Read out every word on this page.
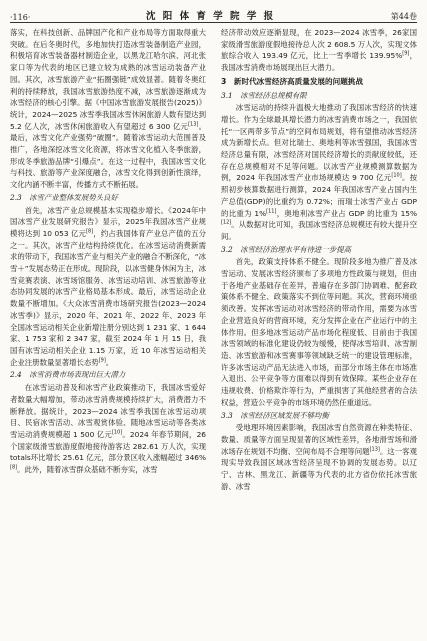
·116·	沈 阳 体 育 学 院 学 报	第44卷

落实，在科技创新、品牌国产化和产业布局等方面取得重大突破。在后冬奥时代，多地加快打造冰雪装备制造产业园，积极培育冰雪装备器材制造企业，以黑龙江哈尔滨、河北张家口等为代表的地区已建立较为成熟的冰雪运动装备产业园。其次，冰雪旅游产业“拓圈强链”成效显著。随着冬奥红利的持续释放，我国冰雪旅游热度不减，冰雪旅游逐渐成为冰雪经济的核心引擎。据《中国冰雪旅游发展报告(2025)》统计，2024—2025 冰雪季我国冰雪休闲旅游人数有望达到 5.2 亿人次，冰雪休闲旅游收入有望超过 6 300 亿元[13]。最后，冰雪文化产业强势“破圈”。随着冰雪运动大范围普及推广，各地深挖冰雪文化资源，将冰雪文化植入冬季旅游，形成冬季旅游品牌“引爆点”。在这一过程中，我国冰雪文化与科技、旅游等产业深度融合，冰雪文化得到创新性演绎，文化内涵不断丰富，传播方式不断拓展。

2.3　冰雪产业整体发展势头良好

首先，冰雪产业总规模基本实现稳步增长。《2024年中国冰雪产业发展研究报告》显示，2025年我国冰雪产业规模将达到 10 053 亿元[8]，约占我国体育产业总产值的五分之一。其次，冰雪产业结构持续优化。在冰雪运动消费新需求的带动下，我国冰雪产业与相关产业的融合不断深化，“冰雪＋”发展态势正在形成。现阶段，以冰雪健身休闲为主，冰雪竞赛表演、冰雪场馆服务、冰雪运动培训、冰雪旅游等业态协同发展的冰雪产业格局基本形成。最后，冰雪运动企业数量不断增加。《大众冰雪消费市场研究报告(2023—2024 冰雪季)》显示，2020 年、2021 年、2022 年、2023 年全国冰雪运动相关企业新增注册分别达到 1 231 家、1 644 家、1 753 家和 2 347 家，截至 2024 年 1 月 15 日，我国有冰雪运动相关企业 1.15 万家，近 10 年冰雪运动相关企业注册数量显著增长态势[9]。

2.4　冰雪消费市场表现出巨大潜力

在冰雪运动普及和冰雪产业政策推动下，我国冰雪爱好者数量大幅增加，带动冰雪消费规模持续扩大，消费潜力不断释放。据统计，2023—2024 冰雪季我国在冰雪运动项目、民宿冰雪活动、冰雪观赏体验、随地冰雪运动等各类冰雪运动消费规模超 1 500 亿元[10]。2024 年春节期间，26 个国家级滑雪旅游度假地接待游客达 282.61 万人次，实现totals环比增长 25.61 亿元，部分景区收入涨幅超过 346%[8]。此外，随着冰雪群众基础不断夯实，冰雪

经济带动效应逐渐显现，在 2023—2024 冰雪季，26家国家级滑雪旅游度假地接待总人次 2 608.5 万人次，实现文体旅综合收入 193.49 亿元，比上一雪季增长 139.95%[9]，我国冰雪消费市场展现出巨大潜力。

3　新时代冰雪经济高质量发展的问题挑战
3.1　冰雪经济总规模有限

冰雪运动的持续升温极大地推动了我国冰雪经济的快速增长。作为全球最具增长潜力的冰雪消费市场之一，我国依托“一区两带多节点”的空间布局规划，将有望推动冰雪经济成为新增长点。但对比瑞士、奥地利等冰雪强国，我国冰雪经济总量有限，冰雪经济对国民经济增长的贡献度较低，还存在总规模相对不足等问题。以冰雪产业规模测算数据为例，2024 年我国冰雪产业市场规模达 9 700 亿元[10]。按照初步核算数据进行测算，2024 年我国冰雪产业占国内生产总值(GDP)的比重约为 0.72%；而瑞士冰雪产业占 GDP 的比重为 1%[11]，奥地利冰雪产业占 GDP 的比重为 15%[12]。从数据对比可知，我国冰雪经济总规模还有较大提升空间。

3.2　冰雪经济治理水平有待进一步提高

首先，政策支持体系不健全。现阶段多地为推广普及冰雪运动、发展冰雪经济颁布了多项地方性政策与规划，但由于各地产业基础存在差异，普遍存在多部门协调难、配套政策体系不健全、政策落实不到位等问题。其次，营商环境亟须改善。发挥冰雪运动对冰雪经济的带动作用，需要为冰雪企业营造良好的营商环境，充分发挥企业在产业运行中的主体作用。但多地冰雪运动产品市场化程度低、目前由于我国冰雪领域的标准化建设仍较为缓慢，使得冰雪培训、冰雪制造、冰雪旅游和冰雪赛事等领域缺乏统一的建设管理标准，许多冰雪运动产品无法进入市场，而部分市场主体在市场准入退出、公平竞争等方面难以得到有效保障。某些企业存在违规收费、价格欺诈等行为，严重损害了其他经营者的合法权益，营造公平竞争的市场环境仍然任重道远。

3.3　冰雪经济区域发展不够均衡

受地理环境因素影响，我国冰雪自然资源在种类特征、数量、质量等方面呈现显著的区域性差异，各地滑雪场和滑冰场存在规划不均衡、空间布局不合理等问题[13]。这一客观现实导致我国区域冰雪经济呈现不协调的发展态势。以辽宁、吉林、黑龙江、新疆等为代表的北方省份依托冰雪旅游、冰雪
